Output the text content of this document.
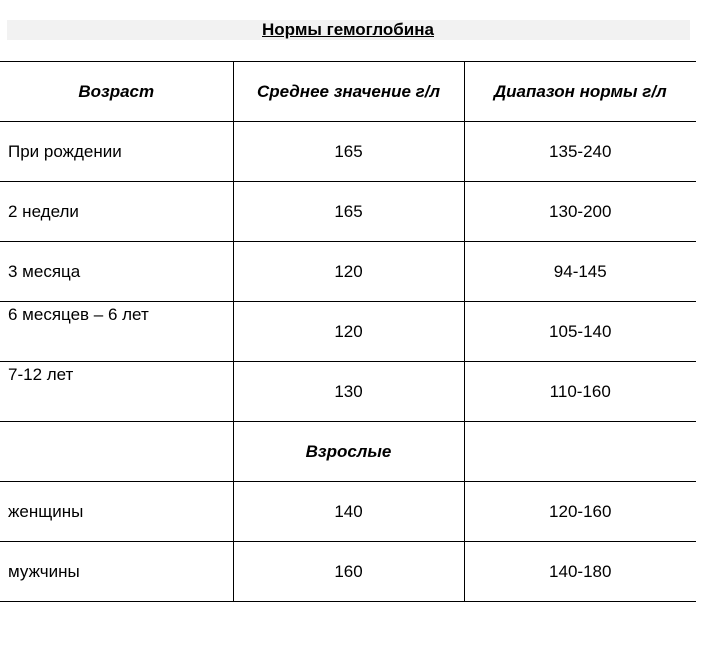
Нормы гемоглобина
Возраст	Среднее значение г/л	Диапазон нормы г/л
При рождении	165	135-240
2 недели	165	130-200
3 месяца	120	94-145
6 месяцев – 6 лет	120	105-140
7-12 лет	130	110-160
	Взрослые	
женщины	140	120-160
мужчины	160	140-180
